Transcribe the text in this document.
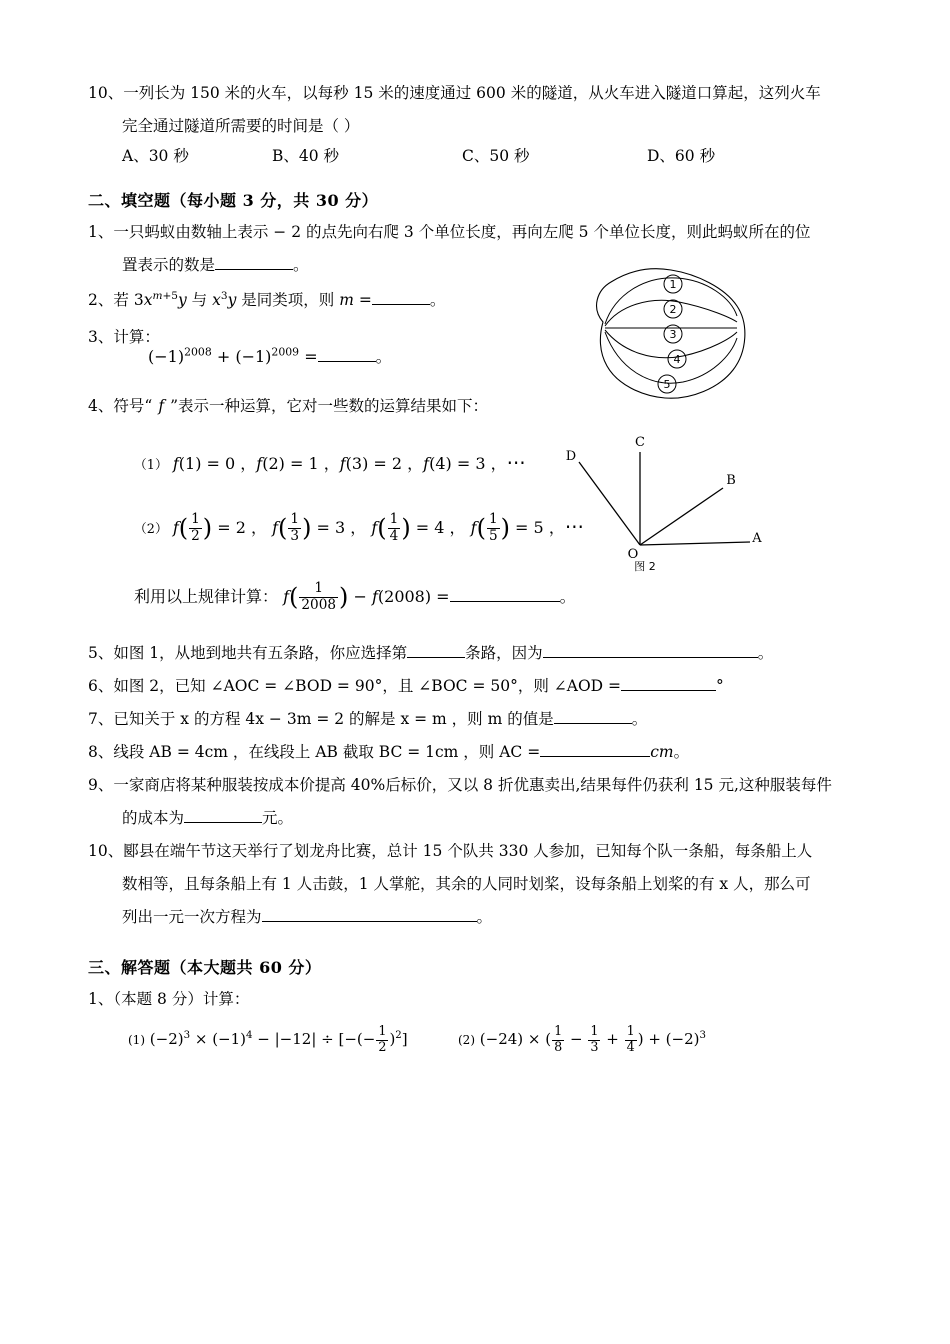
1
2
3
4
5
C
D
B
A
O
图 2
10、一列长为 150 米的火车，以每秒 15 米的速度通过 600 米的隧道，从火车进入隧道口算起，这列火车
完全通过隧道所需要的时间是（ ）
A、30 秒	B、40 秒	C、50 秒	D、60 秒
二、填空题（每小题 3 分，共 30 分）
1、一只蚂蚁由数轴上表示 − 2 的点先向右爬 3 个单位长度，再向左爬 5 个单位长度，则此蚂蚁所在的位
置表示的数是	。
2、若 $3x^{m+5}y$ 与 $x^3y$ 是同类项，则 m =	。
3、计算：
$(-1)^{2008} + (-1)^{2009}$ =	。
4、符号“ f ”表示一种运算，它对一些数的运算结果如下：
（1） f(1) = 0 ，f(2) = 1 ，f(3) = 2 ，f(4) = 3 ，⋯
（2） $f( \frac{1}{2}$ ) = 2 ， $f( \frac{1}{3}$ ) = 3 ， $f( \frac{1}{4}$ ) = 4 ， $f( \frac{1}{5}$ ) = 5 ，⋯
利用以上规律计算： $f( \frac{1}{2008}$ ) − f(2008) =	。
5、如图 1，从地到地共有五条路，你应选择第	条路，因为	。
6、如图 2，已知 ∠AOC = ∠BOD = 90°，且 ∠BOC = 50°，则 ∠AOD =	°
7、已知关于 x 的方程 4x − 3m = 2 的解是 x = m ，则 m 的值是	。
8、线段 AB = 4cm ，在线段上 AB 截取 BC = 1cm ，则 AC =	cm。
9、一家商店将某种服装按成本价提高 40%后标价，又以 8 折优惠卖出,结果每件仍获利 15 元,这种服装每件
的成本为	元。
10、郾县在端午节这天举行了划龙舟比赛，总计 15 个队共 330 人参加，已知每个队一条船，每条船上人
数相等，且每条船上有 1 人击鼓，1 人掌舵，其余的人同时划桨，设每条船上划桨的有 x 人，那么可
列出一元一次方程为	。
三、解答题（本大题共 60 分）
1、（本题 8 分）计算：
(1) $(-2)^3 \times (-1)^4 - |-12|$ ÷ [−(− $\frac{1}{2} )^2$]	(2) (−24) × ( $\frac{1}{8} - \frac{1}{3} + \frac{1}{4}$ ) + $(-2)^3$
